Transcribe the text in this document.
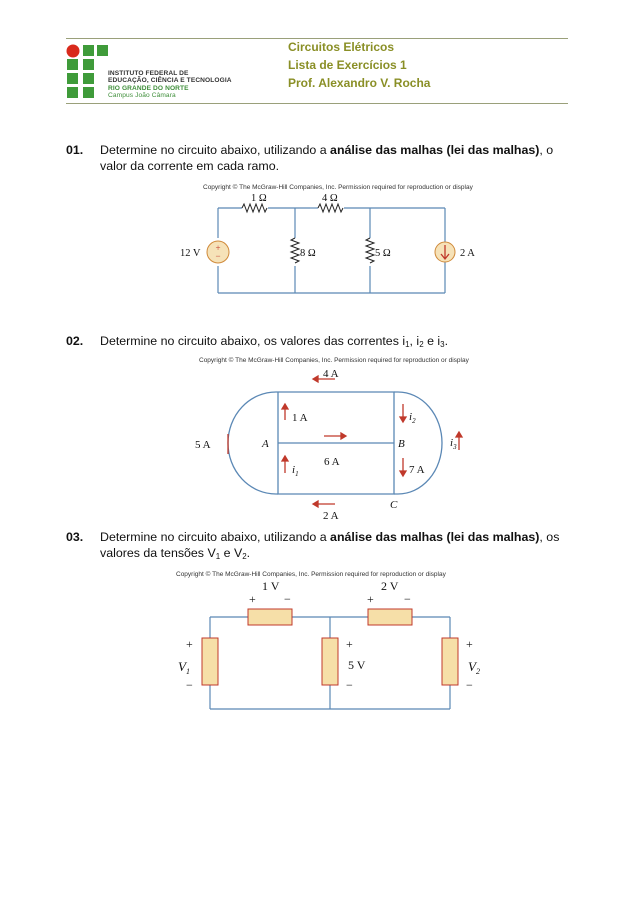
INSTITUTO FEDERAL DE
EDUCAÇÃO, CIÊNCIA E TECNOLOGIA
RIO GRANDE DO NORTE
Campus João Câmara
Circuitos Elétricos
Lista de Exercícios 1
Prof. Alexandro V. Rocha
01. Determine no circuito abaixo, utilizando a análise das malhas (lei das malhas), o valor da corrente em cada ramo.
Copyright © The McGraw-Hill Companies, Inc. Permission required for reproduction or display
+
−
1 Ω	4 Ω
8 Ω	5 Ω
12 V	2 A
02. Determine no circuito abaixo, os valores das correntes $i_1$, $i_2$ e $i_3$.
Copyright © The McGraw-Hill Companies, Inc. Permission required for reproduction or display
4 A
5 A
1 A
A	B
C
6 A
$i_1$
$i_2$
7 A
$i_3$
2 A
03. Determine no circuito abaixo, utilizando a análise das malhas (lei das malhas), os valores da tensões $V_1$ e $V_2$.
Copyright © The McGraw-Hill Companies, Inc. Permission required for reproduction or display
1 V	2 V
+ −	+	−
+
$V_1$
−
+
5 V
−
+
$V_2$
−
